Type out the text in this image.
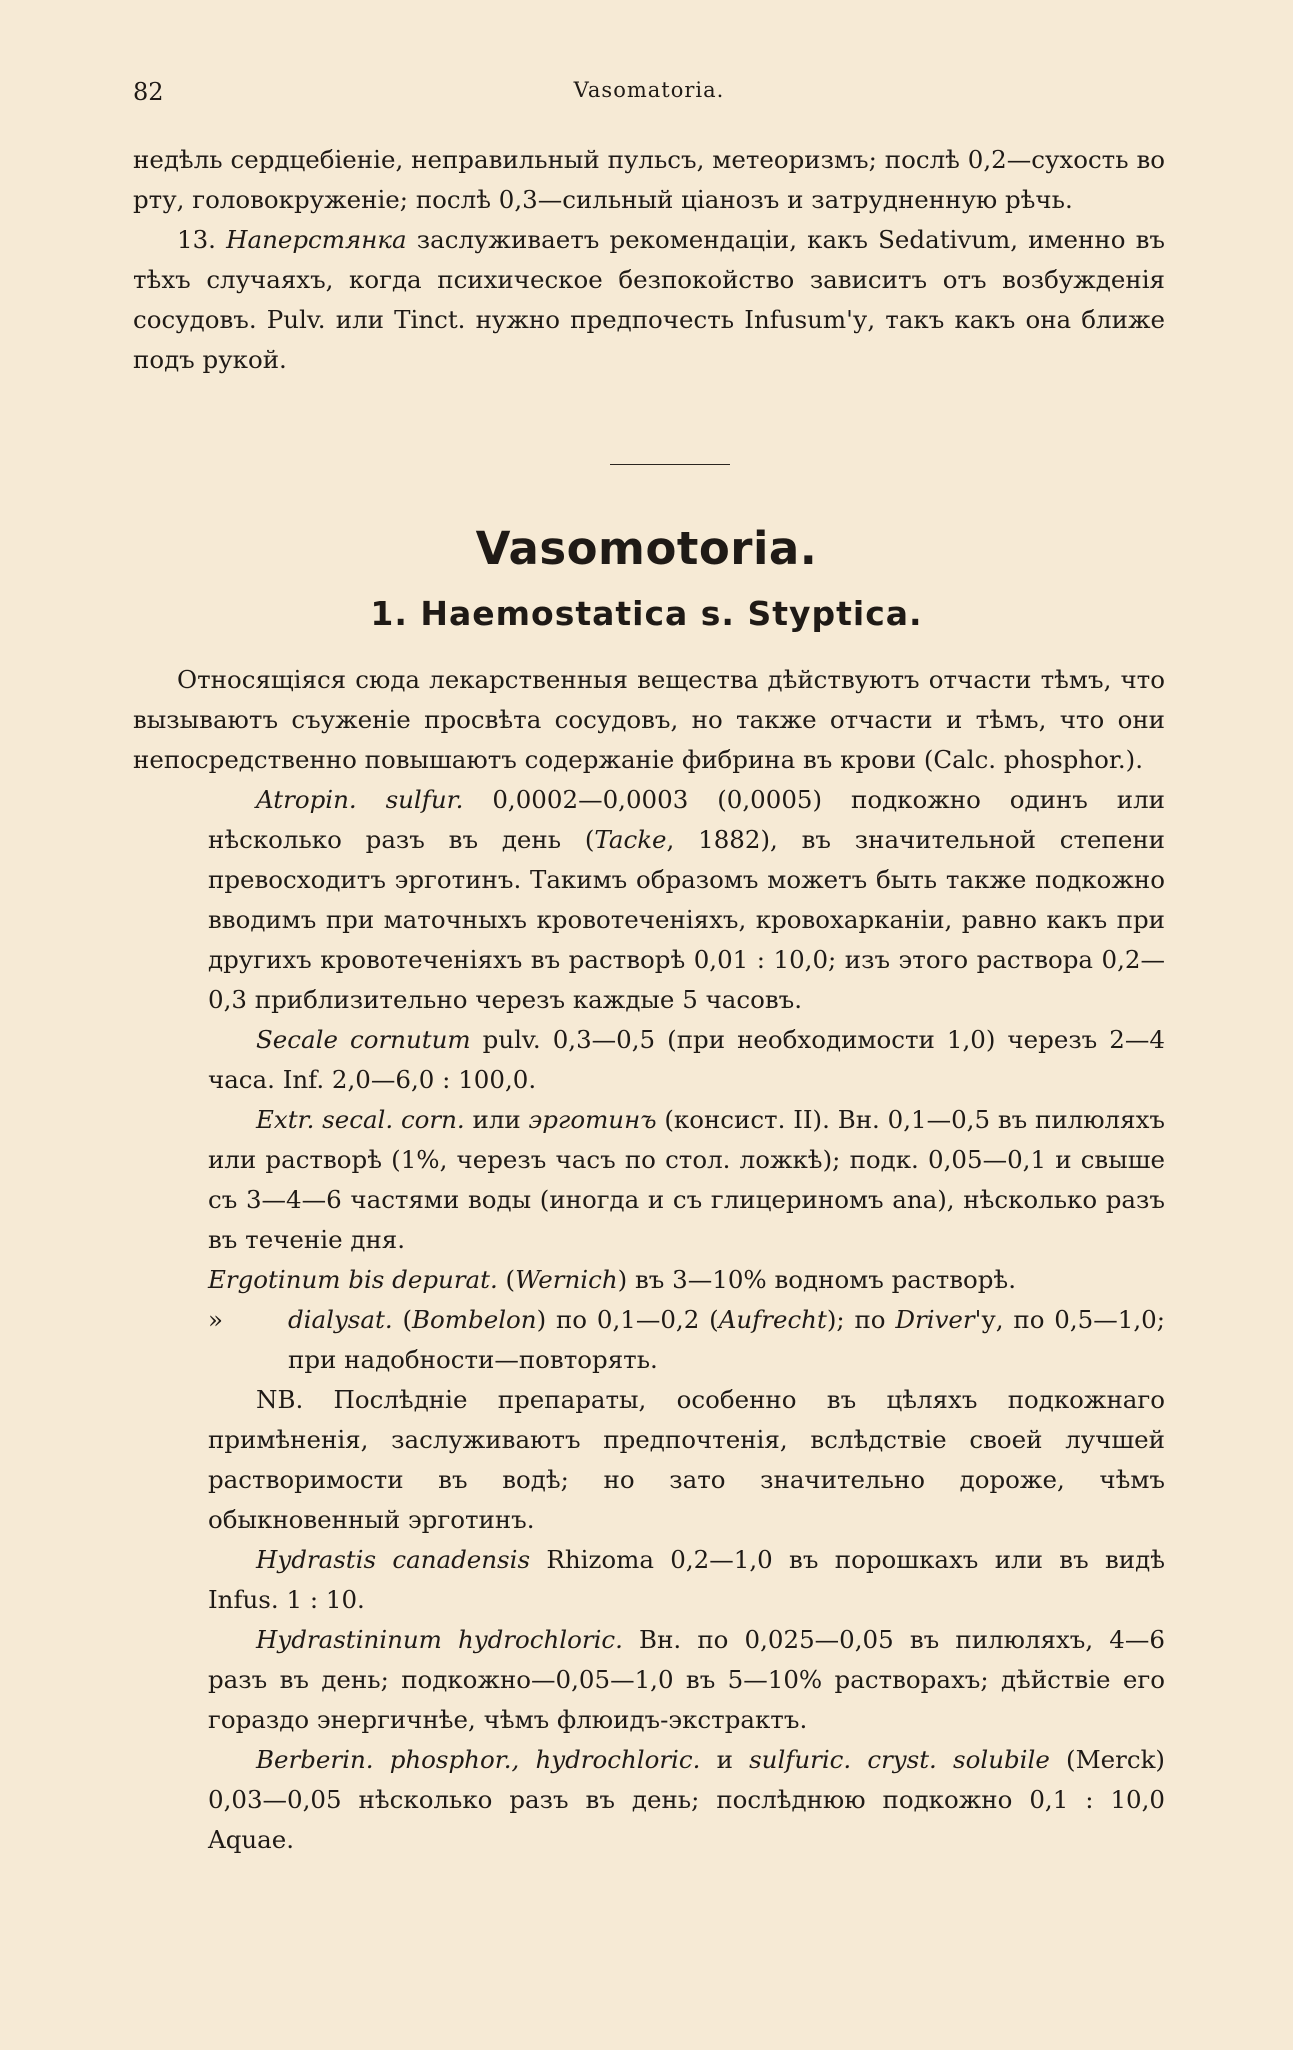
82	Vasomatoria.

недѣль сердцебіеніе, неправильный пульсъ, метеоризмъ; послѣ 0,2—сухость во рту, головокруженіе; послѣ 0,3—сильный ціанозъ и затрудненную рѣчь.

13. Наперстянка заслуживаетъ рекомендаціи, какъ Sedativum, именно въ тѣхъ случаяхъ, когда психическое безпокойство зависитъ отъ возбужденія сосудовъ. Pulv. или Tinct. нужно предпочесть Infusum'у, такъ какъ она ближе подъ рукой.

Vasomotoria.
1. Haemostatica s. Styptica.

Относящіяся сюда лекарственныя вещества дѣйствуютъ отчасти тѣмъ, что вызываютъ съуженіе просвѣта сосудовъ, но также отчасти и тѣмъ, что они непосредственно повышаютъ содержаніе фибрина въ крови (Calc. phosphor.).

Atropin. sulfur. 0,0002—0,0003 (0,0005) подкожно одинъ или нѣсколько разъ въ день (Tacke, 1882), въ значительной степени превосходитъ эрготинъ. Такимъ образомъ можетъ быть также подкожно вводимъ при маточныхъ кровотеченіяхъ, кровохарканіи, равно какъ при другихъ кровотеченіяхъ въ растворѣ 0,01 : 10,0; изъ этого раствора 0,2—0,3 приблизительно черезъ каждые 5 часовъ.

Secale cornutum pulv. 0,3—0,5 (при необходимости 1,0) черезъ 2—4 часа. Inf. 2,0—6,0 : 100,0.

Extr. secal. corn. или эрготинъ (консист. II). Вн. 0,1—0,5 въ пилюляхъ или растворѣ (1%, черезъ часъ по стол. ложкѣ); подк. 0,05—0,1 и свыше съ 3—4—6 частями воды (иногда и съ глицериномъ ana), нѣсколько разъ въ теченіе дня.

Ergotinum bis depurat. (Wernich) въ 3—10% водномъ растворѣ.

»	dialysat. (Bombelon) по 0,1—0,2 (Aufrecht); по Driver'у, по 0,5—1,0; при надобности—повторять.

NB. Послѣдніе препараты, особенно въ цѣляхъ подкожнаго примѣненія, заслуживаютъ предпочтенія, вслѣдствіе своей лучшей растворимости въ водѣ; но зато значительно дороже, чѣмъ обыкновенный эрготинъ.

Hydrastis canadensis Rhizoma 0,2—1,0 въ порошкахъ или въ видѣ Infus. 1 : 10.

Hydrastininum hydrochloric. Вн. по 0,025—0,05 въ пилюляхъ, 4—6 разъ въ день; подкожно—0,05—1,0 въ 5—10% растворахъ; дѣйствіе его гораздо энергичнѣе, чѣмъ флюидъ-экстрактъ.

Berberin. phosphor., hydrochloric. и sulfuric. cryst. solubile (Merck) 0,03—0,05 нѣсколько разъ въ день; послѣднюю подкожно 0,1 : 10,0 Aquae.
